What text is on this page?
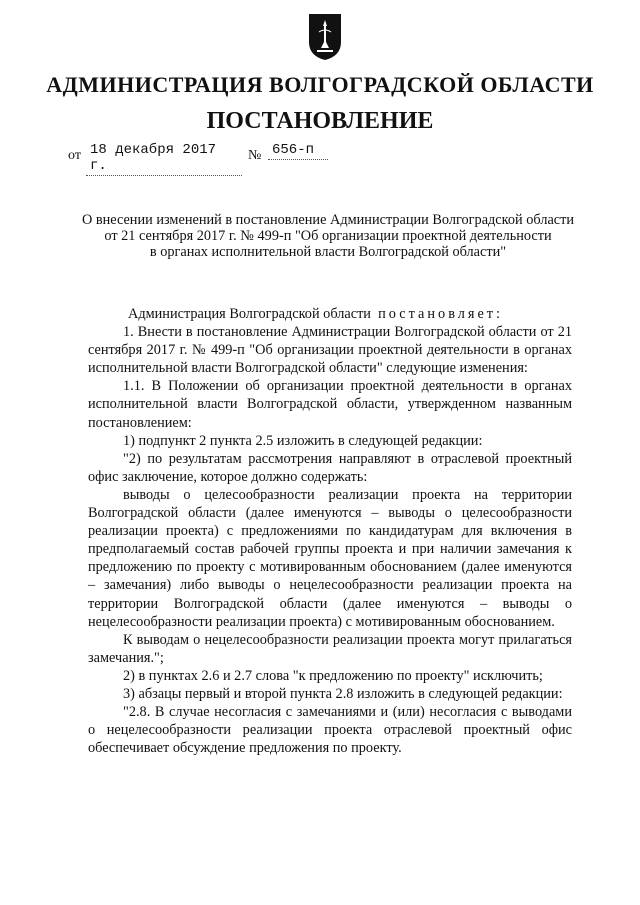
АДМИНИСТРАЦИЯ ВОЛГОГРАДСКОЙ ОБЛАСТИ
ПОСТАНОВЛЕНИЕ
от 18 декабря 2017 г.
№ 656-п
О внесении изменений в постановление Администрации Волгоградской области
от 21 сентября 2017 г. № 499-п "Об организации проектной деятельности
в органах исполнительной власти Волгоградской области"

Администрация Волгоградской области постановляет:

1. Внести в постановление Администрации Волгоградской области от 21 сентября 2017 г. № 499-п "Об организации проектной деятельности в органах исполнительной власти Волгоградской области" следующие изменения:

1.1. В Положении об организации проектной деятельности в органах исполнительной власти Волгоградской области, утвержденном названным постановлением:

1) подпункт 2 пункта 2.5 изложить в следующей редакции:

"2) по результатам рассмотрения направляют в отраслевой проектный офис заключение, которое должно содержать:

выводы о целесообразности реализации проекта на территории Волгоградской области (далее именуются – выводы о целесообразности реализации проекта) с предложениями по кандидатурам для включения в предполагаемый состав рабочей группы проекта и при наличии замечания к предложению по проекту с мотивированным обоснованием (далее именуются – замечания) либо выводы о нецелесообразности реализации проекта на территории Волгоградской области (далее именуются – выводы о нецелесообразности реализации проекта) с мотивированным обоснованием.

К выводам о нецелесообразности реализации проекта могут прилагаться замечания.";

2) в пунктах 2.6 и 2.7 слова "к предложению по проекту" исключить;

3) абзацы первый и второй пункта 2.8 изложить в следующей редакции:

"2.8. В случае несогласия с замечаниями и (или) несогласия с выводами о нецелесообразности реализации проекта отраслевой проектный офис обеспечивает обсуждение предложения по проекту.
